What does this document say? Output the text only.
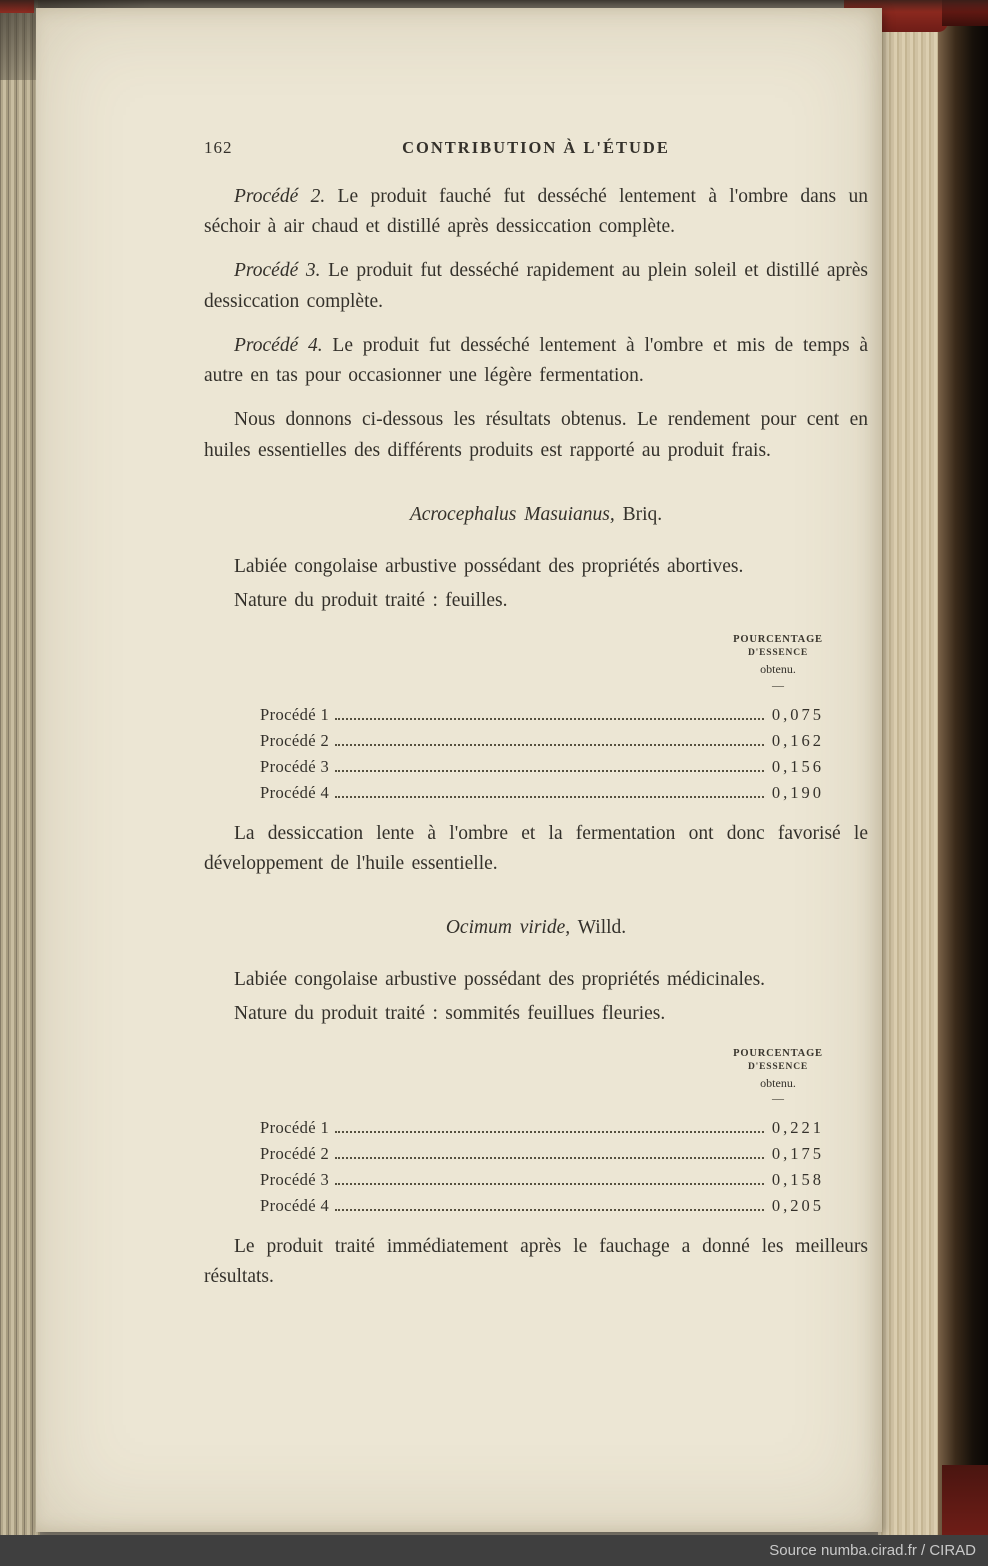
162	CONTRIBUTION À L'ÉTUDE

Procédé 2. Le produit fauché fut desséché lentement à l'ombre dans un séchoir à air chaud et distillé après dessiccation complète.

Procédé 3. Le produit fut desséché rapidement au plein soleil et distillé après dessiccation complète.

Procédé 4. Le produit fut desséché lentement à l'ombre et mis de temps à autre en tas pour occasionner une légère fermentation.

Nous donnons ci-dessous les résultats obtenus. Le rendement pour cent en huiles essentielles des différents produits est rapporté au produit frais.

Acrocephalus Masuianus, Briq.

Labiée congolaise arbustive possédant des propriétés abortives.

Nature du produit traité : feuilles.

POURCENTAGE
D'ESSENCE
obtenu.
—
Procédé 1	0,075
Procédé 2	0,162
Procédé 3	0,156
Procédé 4	0,190

La dessiccation lente à l'ombre et la fermentation ont donc favorisé le développement de l'huile essentielle.

Ocimum viride, Willd.

Labiée congolaise arbustive possédant des propriétés médicinales.

Nature du produit traité : sommités feuillues fleuries.

POURCENTAGE
D'ESSENCE
obtenu.
—
Procédé 1	0,221
Procédé 2	0,175
Procédé 3	0,158
Procédé 4	0,205

Le produit traité immédiatement après le fauchage a donné les meilleurs résultats.

Source numba.cirad.fr / CIRAD
